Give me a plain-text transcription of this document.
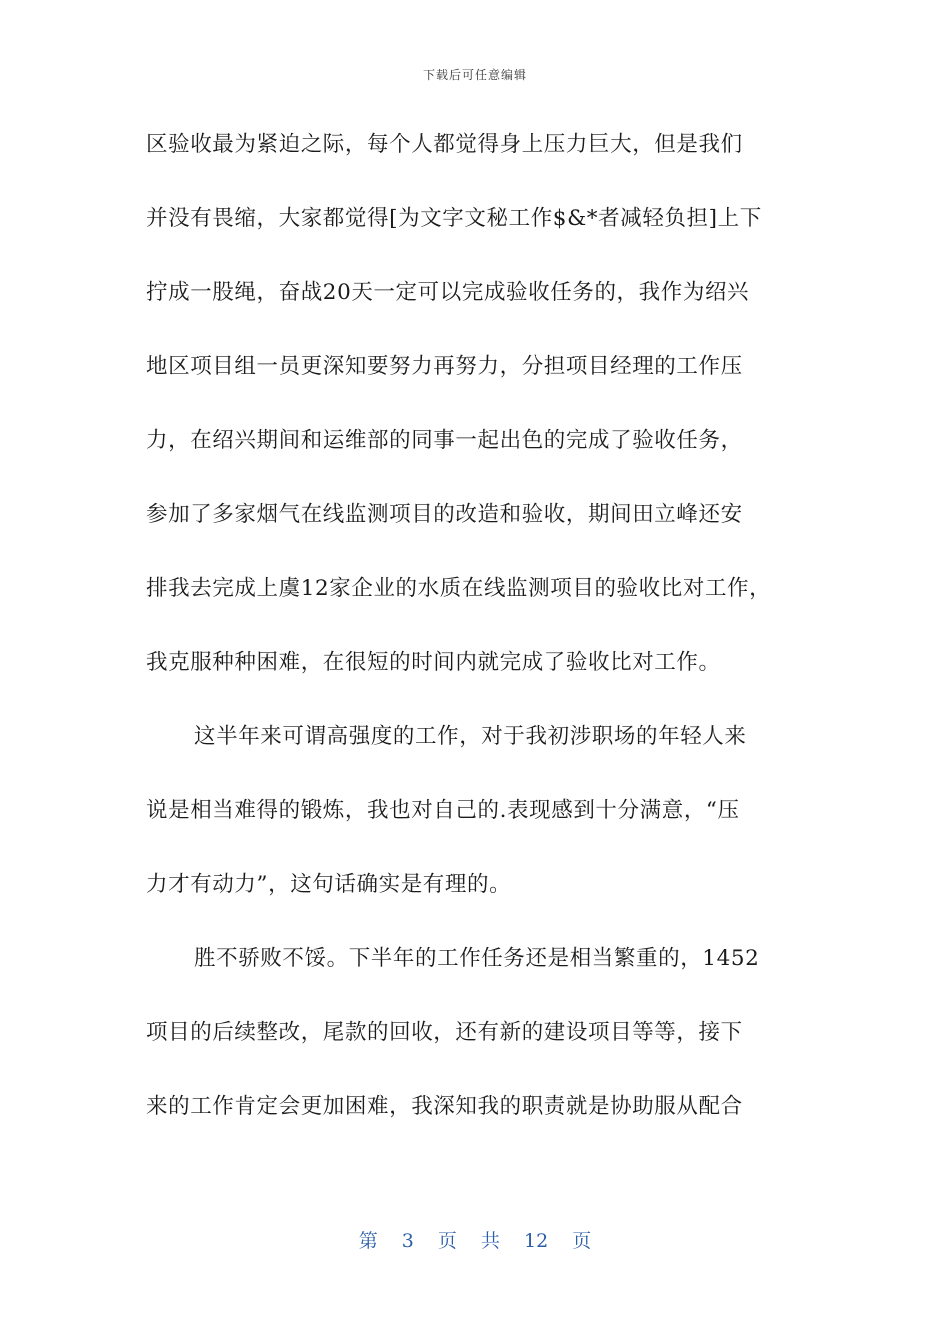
下载后可任意编辑
区验收最为紧迫之际，每个人都觉得身上压力巨大，但是我们
并没有畏缩，大家都觉得[为文字文秘工作$&*者减轻负担]上下
拧成一股绳，奋战20天一定可以完成验收任务的，我作为绍兴
地区项目组一员更深知要努力再努力，分担项目经理的工作压
力，在绍兴期间和运维部的同事一起出色的完成了验收任务，
参加了多家烟气在线监测项目的改造和验收，期间田立峰还安
排我去完成上虞12家企业的水质在线监测项目的验收比对工作，
我克服种种困难，在很短的时间内就完成了验收比对工作。
这半年来可谓高强度的工作，对于我初涉职场的年轻人来
说是相当难得的锻炼，我也对自己的.表现感到十分满意，“压
力才有动力”，这句话确实是有理的。
胜不骄败不馁。下半年的工作任务还是相当繁重的，1452
项目的后续整改，尾款的回收，还有新的建设项目等等，接下
来的工作肯定会更加困难，我深知我的职责就是协助服从配合
第 3 页 共 12 页
